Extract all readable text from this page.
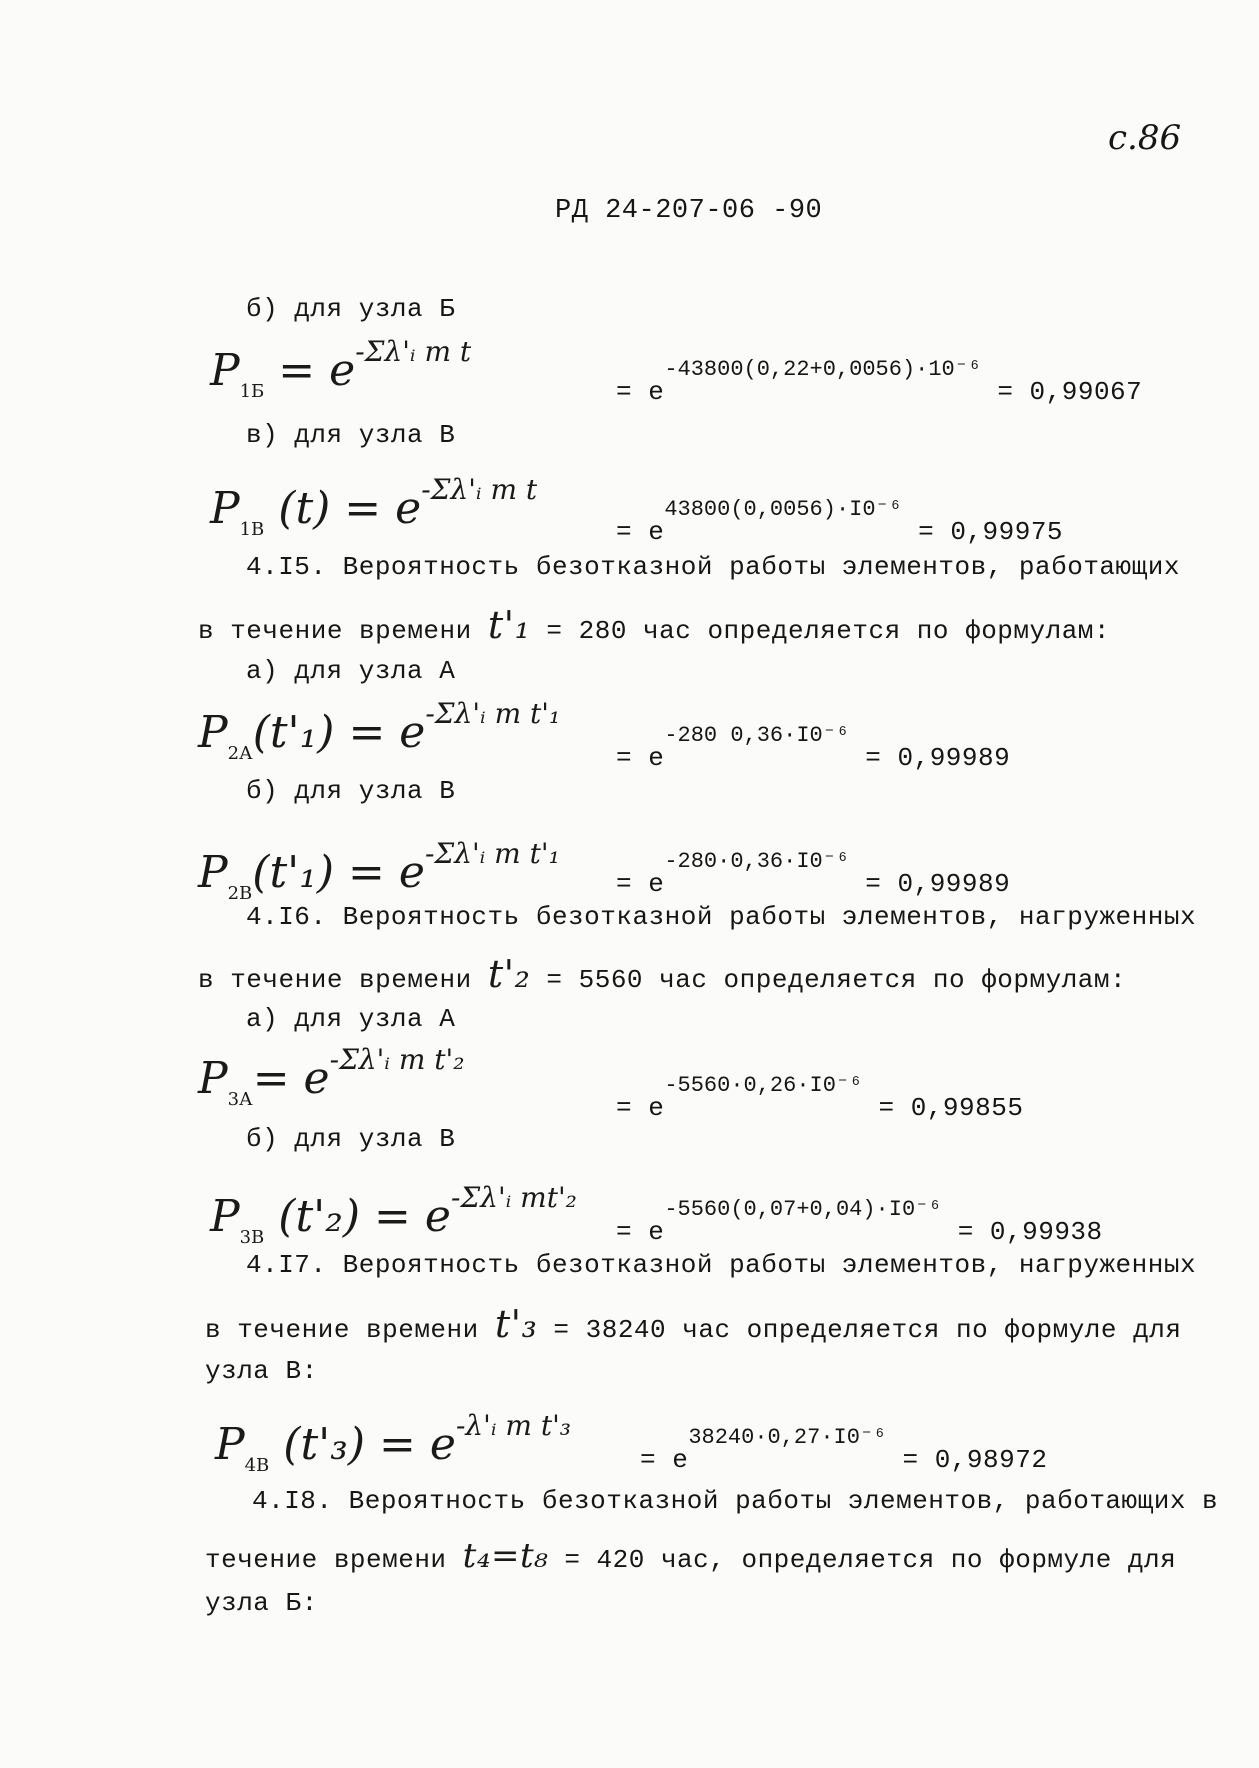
с.86
РД 24-207-06 -90
б) для узла Б
$P_{1Б} = e^{-\Sigma\lambda'ᵢ m t}$
= $e^{-43800(0,22+0,0056)\cdot 10^{-6}} = 0,99067$
в) для узла В
$P_{1В}$ $(t) = e^{-\Sigma\lambda'ᵢ m t}$
= $e^{43800(0,0056)\cdot I0^{-6}} = 0,99975$
4.I5. Вероятность безотказной работы элементов, работающих
в течение времени t'₁ = 280 час определяется по формулам:
а) для узла А
$P_{2А}(t'_1) = e^{-\Sigma\lambda'ᵢ m t'_1}$
= $e^{-280 0,36\cdot I0^{-6}} = 0,99989$
б) для узла В
$P_{2В}(t'_1) = e^{-\Sigma\lambda'ᵢ m t'_1}$
= $e^{-280\cdot 0,36\cdot I0^{-6}} = 0,99989$
4.I6. Вероятность безотказной работы элементов, нагруженных
в течение времени t'₂ = 5560 час определяется по формулам:
а) для узла А
$P_{3А}= e^{-\Sigma\lambda'ᵢ m t'_2}$
= $e^{-5560\cdot 0,26\cdot I0^{-6}} = 0,99855$
б) для узла В
$P_{3В}$ $(t'_2) = e^{-\Sigma\lambda'ᵢ mt'_2}$
= $e^{-5560(0,07+0,04)\cdot I0^{-6}} = 0,99938$
4.I7. Вероятность безотказной работы элементов, нагруженных
в течение времени t'₃ = 38240 час определяется по формуле для
узла В:
$P_{4В}$ $(t'_3) = e^{-\lambda'ᵢ m t'_3}$
= $e^{38240\cdot 0,27\cdot I0^{-6}} = 0,98972$
4.I8. Вероятность безотказной работы элементов, работающих в
течение времени t₄=t₈ = 420 час, определяется по формуле для
узла Б:
